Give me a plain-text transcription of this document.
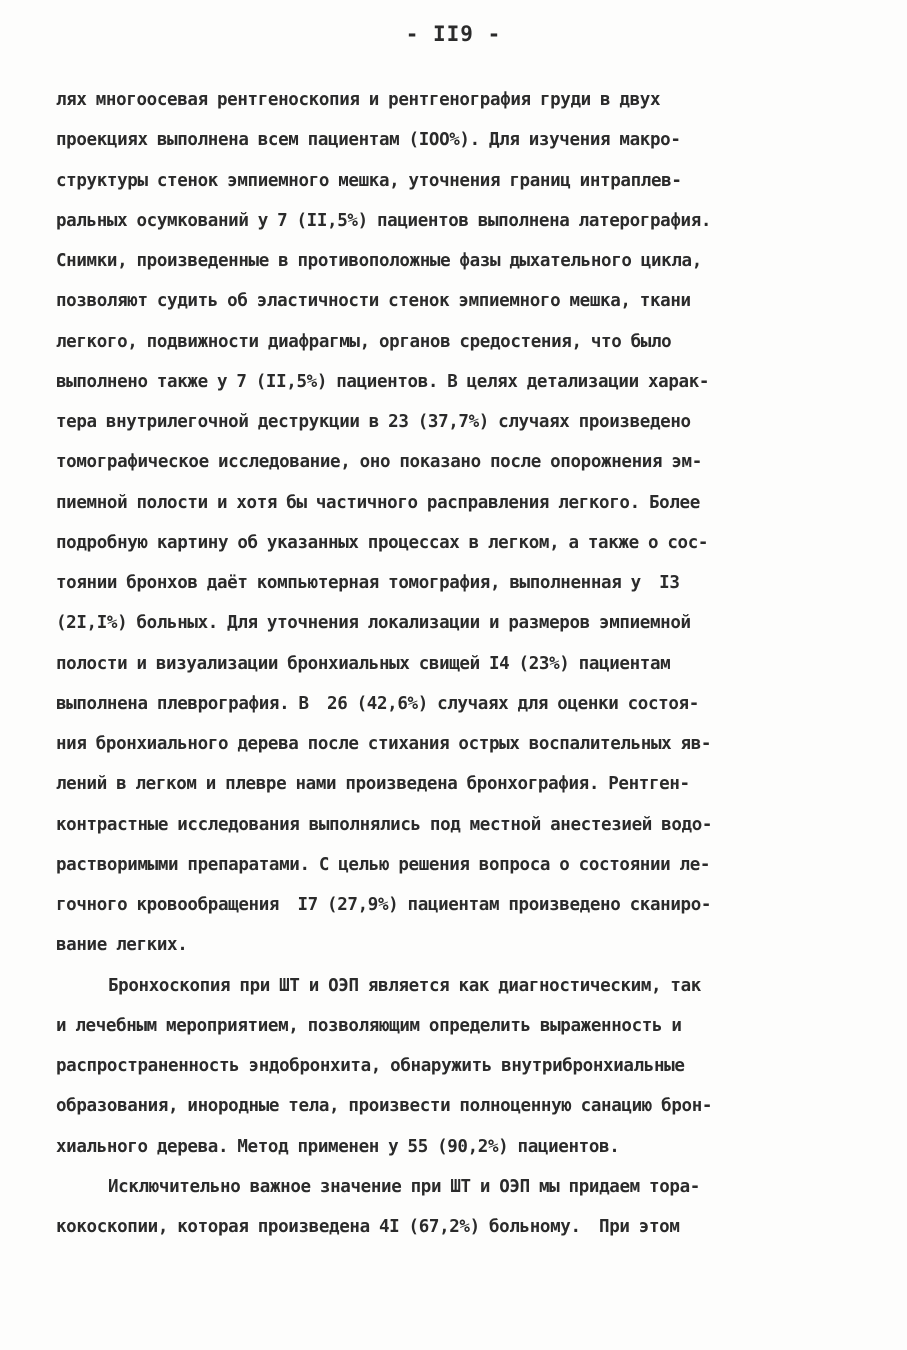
- II9 -
лях многоосевая рентгеноскопия и рентгенография груди в двух
проекциях выполнена всем пациентам (IOO%). Для изучения макро-
структуры стенок эмпиемного мешка, уточнения границ интраплев-
ральных осумкований у 7 (II,5%) пациентов выполнена латерография.
Снимки, произведенные в противоположные фазы дыхательного цикла,
позволяют судить об эластичности стенок эмпиемного мешка, ткани
легкого, подвижности диафрагмы, органов средостения, что было
выполнено также у 7 (II,5%) пациентов. В целях детализации харак-
тера внутрилегочной деструкции в 23 (37,7%) случаях произведено
томографическое исследование, оно показано после опорожнения эм-
пиемной полости и хотя бы частичного расправления легкого. Более
подробную картину об указанных процессах в легком, а также о сос-
тоянии бронхов даёт компьютерная томография, выполненная у  I3
(2I,I%) больных. Для уточнения локализации и размеров эмпиемной
полости и визуализации бронхиальных свищей I4 (23%) пациентам
выполнена плеврография. В  26 (42,6%) случаях для оценки состоя-
ния бронхиального дерева после стихания острых воспалительных яв-
лений в легком и плевре нами произведена бронхография. Рентген-
контрастные исследования выполнялись под местной анестезией водо-
растворимыми препаратами. С целью решения вопроса о состоянии ле-
гочного кровообращения  I7 (27,9%) пациентам произведено сканиро-
вание легких.
Бронхоскопия при ШТ и ОЭП является как диагностическим, так
и лечебным мероприятием, позволяющим определить выраженность и
распространенность эндобронхита, обнаружить внутрибронхиальные
образования, инородные тела, произвести полноценную санацию брон-
хиального дерева. Метод применен у 55 (90,2%) пациентов.
Исключительно важное значение при ШТ и ОЭП мы придаем тора-
кокоскопии, которая произведена 4I (67,2%) больному.  При этом
